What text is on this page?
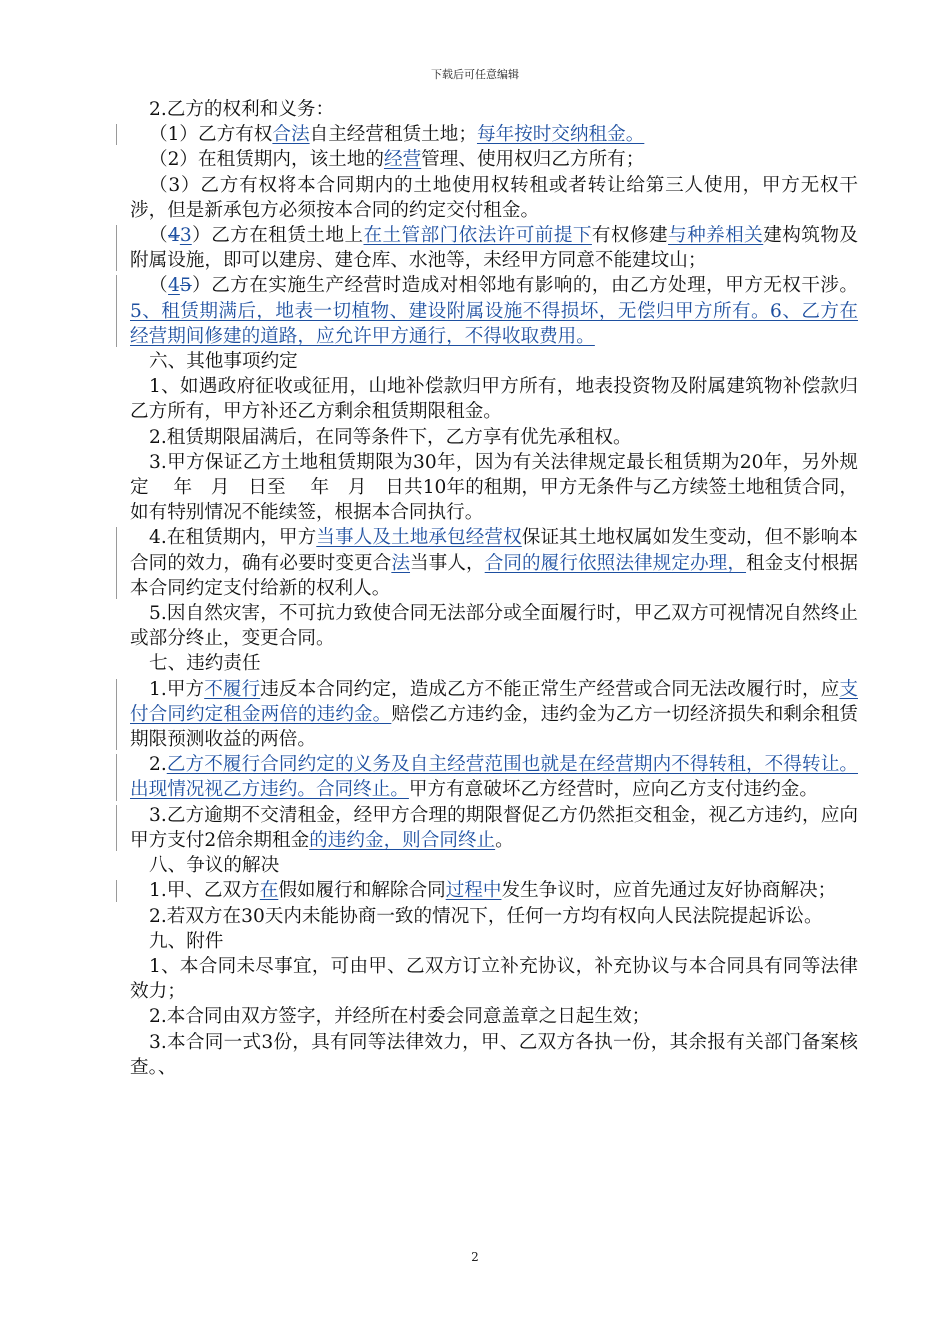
下载后可任意编辑

2.乙方的权利和义务：

（1）乙方有权合法自主经营租赁土地；每年按时交纳租金。

（2）在租赁期内，该土地的经营管理、使用权归乙方所有；

（3）乙方有权将本合同期内的土地使用权转租或者转让给第三人使用，甲方无权干涉，但是新承包方必须按本合同的约定交付租金。

（43）乙方在租赁土地上在土管部门依法许可前提下有权修建与种养相关建构筑物及附属设施，即可以建房、建仓库、水池等，未经甲方同意不能建坟山；

（45）乙方在实施生产经营时造成对相邻地有影响的，由乙方处理，甲方无权干涉。5、租赁期满后，地表一切植物、建设附属设施不得损坏，无偿归甲方所有。6、乙方在经营期间修建的道路，应允许甲方通行，不得收取费用。

六、其他事项约定

1、如遇政府征收或征用，山地补偿款归甲方所有，地表投资物及附属建筑物补偿款归乙方所有，甲方补还乙方剩余租赁期限租金。

2.租赁期限届满后，在同等条件下，乙方享有优先承租权。

3.甲方保证乙方土地租赁期限为30年，因为有关法律规定最长租赁期为20年，另外规定　 年　月　日至　 年　月　日共10年的租期，甲方无条件与乙方续签土地租赁合同，如有特别情况不能续签，根据本合同执行。

4.在租赁期内，甲方当事人及土地承包经营权保证其土地权属如发生变动，但不影响本合同的效力，确有必要时变更合法当事人，合同的履行依照法律规定办理，租金支付根据本合同约定支付给新的权利人。

5.因自然灾害，不可抗力致使合同无法部分或全面履行时，甲乙双方可视情况自然终止或部分终止，变更合同。

七、违约责任

1.甲方不履行违反本合同约定，造成乙方不能正常生产经营或合同无法改履行时，应支付合同约定租金两倍的违约金。赔偿乙方违约金，违约金为乙方一切经济损失和剩余租赁期限预测收益的两倍。

2.乙方不履行合同约定的义务及自主经营范围也就是在经营期内不得转租，不得转让。出现情况视乙方违约。合同终止。甲方有意破坏乙方经营时，应向乙方支付违约金。

3.乙方逾期不交清租金，经甲方合理的期限督促乙方仍然拒交租金，视乙方违约，应向甲方支付2倍余期租金的违约金，则合同终止。

八、争议的解决

1.甲、乙双方在假如履行和解除合同过程中发生争议时，应首先通过友好协商解决；

2.若双方在30天内未能协商一致的情况下，任何一方均有权向人民法院提起诉讼。

九、附件

1、本合同未尽事宜，可由甲、乙双方订立补充协议，补充协议与本合同具有同等法律效力；

2.本合同由双方签字，并经所在村委会同意盖章之日起生效；

3.本合同一式3份，具有同等法律效力，甲、乙双方各执一份，其余报有关部门备案核查。、

2
